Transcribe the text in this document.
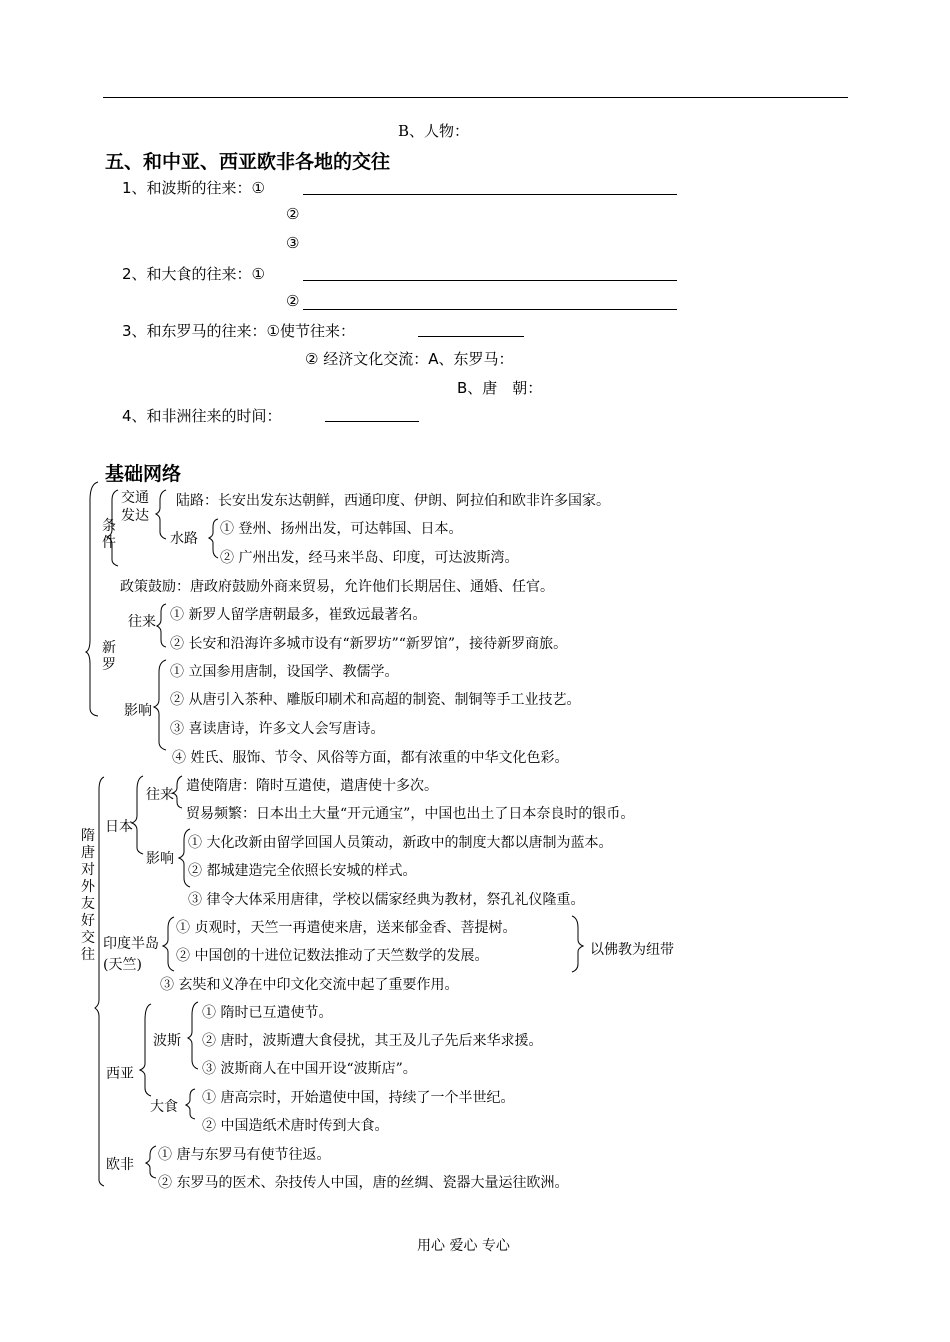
B、人物：
五、和中亚、西亚欧非各地的交往
1、和波斯的往来：①
②
③
2、和大食的往来：①
②
3、和东罗马的往来：①使节往来：
② 经济文化交流：A、东罗马：
B、唐　朝：
4、和非洲往来的时间：
基础网络
条件
交通发达
陆路：长安出发东达朝鲜，西通印度、伊朗、阿拉伯和欧非许多国家。
水路
① 登州、扬州出发，可达韩国、日本。
② 广州出发，经马来半岛、印度，可达波斯湾。
政策鼓励：唐政府鼓励外商来贸易，允许他们长期居住、通婚、任官。
新罗
往来 ① 新罗人留学唐朝最多，崔致远最著名。
② 长安和沿海许多城市设有“新罗坊”“新罗馆”，接待新罗商旅。
影响
① 立国参用唐制，设国学、教儒学。
② 从唐引入茶种、雕版印刷术和高超的制瓷、制铜等手工业技艺。
③ 喜读唐诗，许多文人会写唐诗。
④ 姓氏、服饰、节令、风俗等方面，都有浓重的中华文化色彩。
隋唐对外友好交往
日本
往来
遣使隋唐：隋时互遣使，遣唐使十多次。
贸易频繁：日本出土大量“开元通宝”，中国也出土了日本奈良时的银币。
影响
① 大化改新由留学回国人员策动，新政中的制度大都以唐制为蓝本。
② 都城建造完全依照长安城的样式。
③ 律令大体采用唐律，学校以儒家经典为教材，祭孔礼仪隆重。
印度半岛(天竺)
① 贞观时，天竺一再遣使来唐，送来郁金香、菩提树。
② 中国创的十进位记数法推动了天竺数学的发展。
③ 玄奘和义净在中印文化交流中起了重要作用。
以佛教为纽带
西亚
波斯
① 隋时已互遣使节。
② 唐时，波斯遭大食侵扰，其王及儿子先后来华求援。
③ 波斯商人在中国开设“波斯店”。
大食
① 唐高宗时，开始遣使中国，持续了一个半世纪。
② 中国造纸术唐时传到大食。
欧非
① 唐与东罗马有使节往返。
② 东罗马的医术、杂技传人中国，唐的丝绸、瓷器大量运往欧洲。
用心 爱心 专心
